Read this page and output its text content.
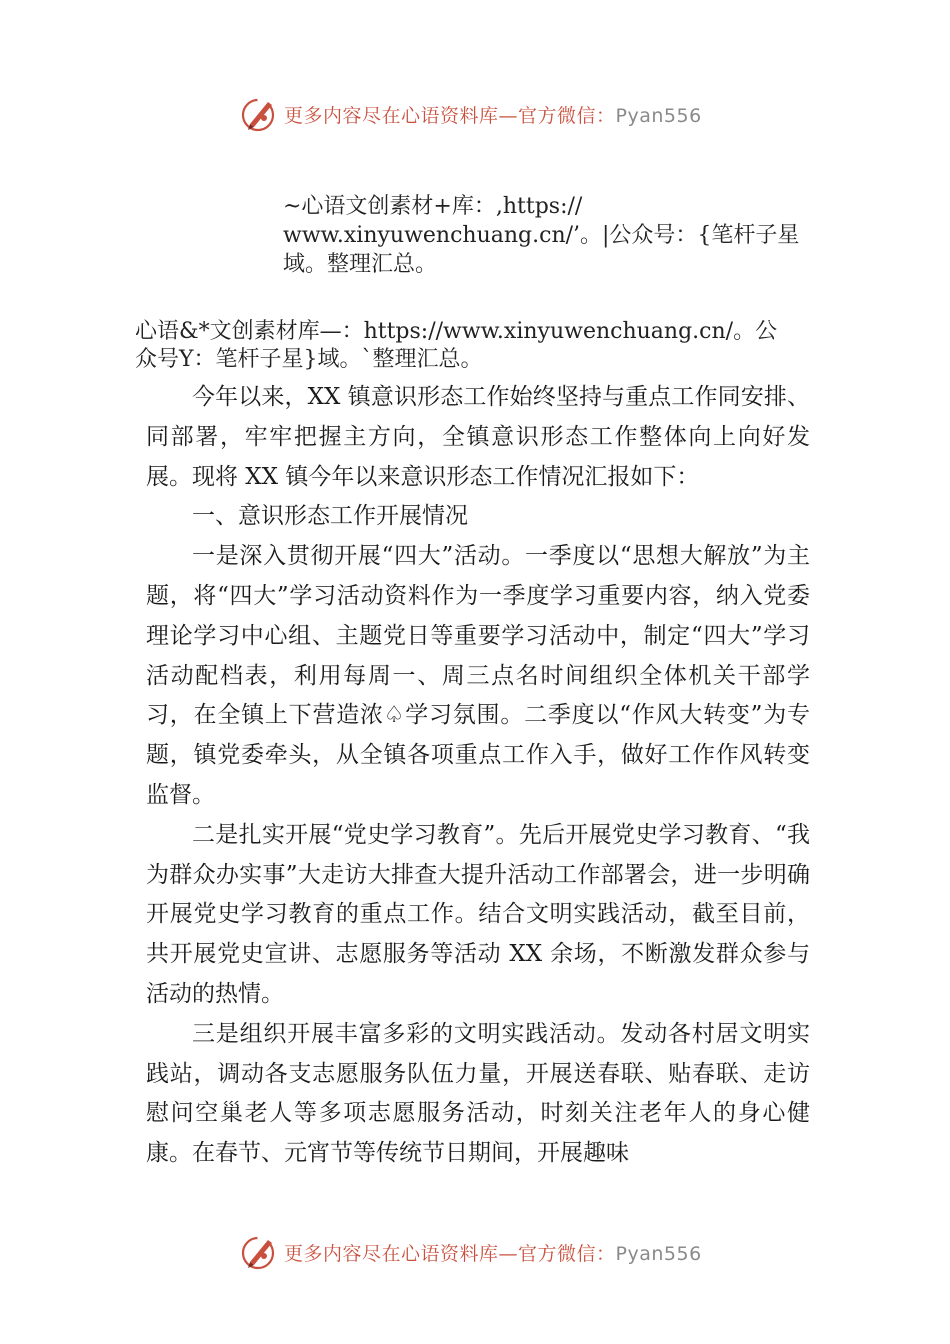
更多内容尽在心语资料库—官方微信：Pyan556

~心语文创素材+库：,https://

www.xinyuwenchuang.cn/’。|公众号：{笔杆子星

域。整理汇总。

心语&*文创素材库—：https://www.xinyuwenchuang.cn/。公

众号Y：笔杆子星}域。`整理汇总。

今年以来，XX 镇意识形态工作始终坚持与重点工作同安排、同部署，牢牢把握主方向，全镇意识形态工作整体向上向好发展。现将 XX 镇今年以来意识形态工作情况汇报如下：

一、意识形态工作开展情况

一是深入贯彻开展“四大”活动。一季度以“思想大解放”为主题，将“四大”学习活动资料作为一季度学习重要内容，纳入党委理论学习中心组、主题党日等重要学习活动中，制定“四大”学习活动配档表，利用每周一、周三点名时间组织全体机关干部学习，在全镇上下营造浓♤学习氛围。二季度以“作风大转变”为专题，镇党委牵头，从全镇各项重点工作入手，做好工作作风转变监督。

二是扎实开展“党史学习教育”。先后开展党史学习教育、“我为群众办实事”大走访大排查大提升活动工作部署会，进一步明确开展党史学习教育的重点工作。结合文明实践活动，截至目前，共开展党史宣讲、志愿服务等活动 XX 余场，不断激发群众参与活动的热情。

三是组织开展丰富多彩的文明实践活动。发动各村居文明实践站，调动各支志愿服务队伍力量，开展送春联、贴春联、走访慰问空巢老人等多项志愿服务活动，时刻关注老年人的身心健康。在春节、元宵节等传统节日期间，开展趣味

更多内容尽在心语资料库—官方微信：Pyan556
